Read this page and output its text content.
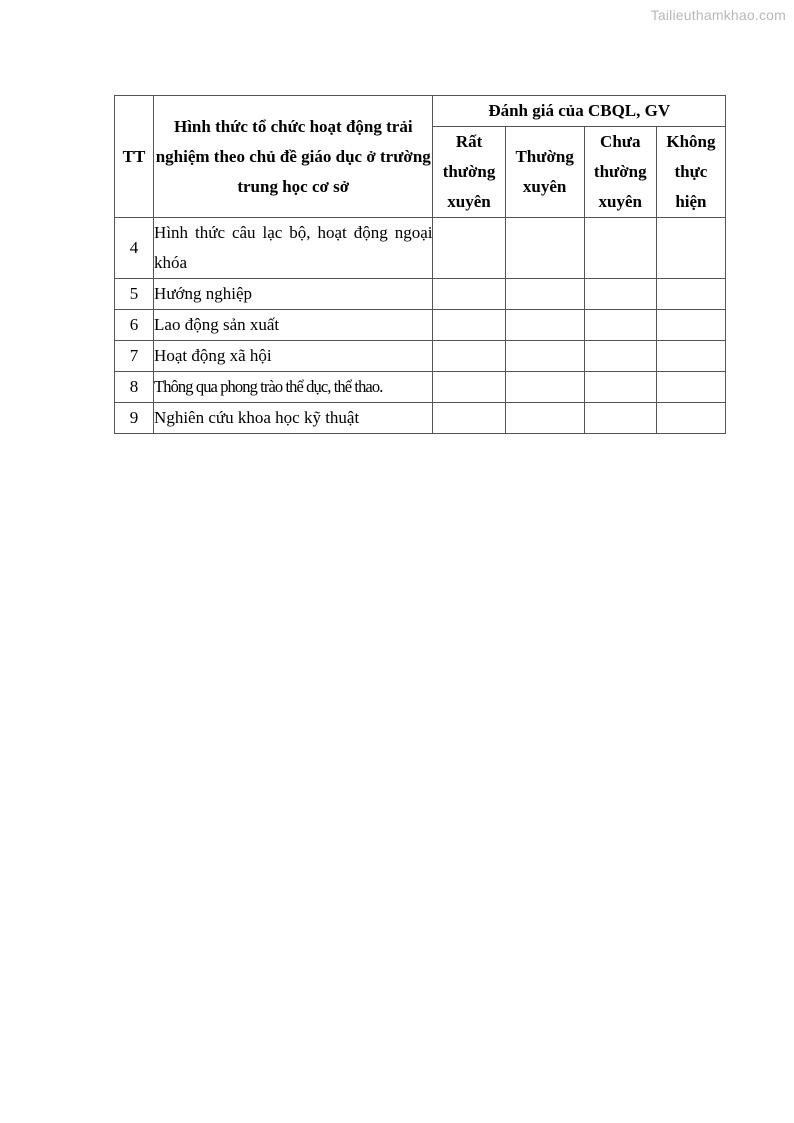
Tailieuthamkhao.com
TT	Hình thức tổ chức hoạt động trải nghiệm theo chủ đề giáo dục ở trường trung học cơ sở	Đánh giá của CBQL, GV			
		Rất thường xuyên	Thường xuyên	Chưa thường xuyên	Không thực hiện
4	Hình thức câu lạc bộ, hoạt động ngoại khóa				
5	Hướng nghiệp				
6	Lao động sản xuất				
7	Hoạt động xã hội				
8	Thông qua phong trào thể dục, thể thao.				
9	Nghiên cứu khoa học kỹ thuật				
